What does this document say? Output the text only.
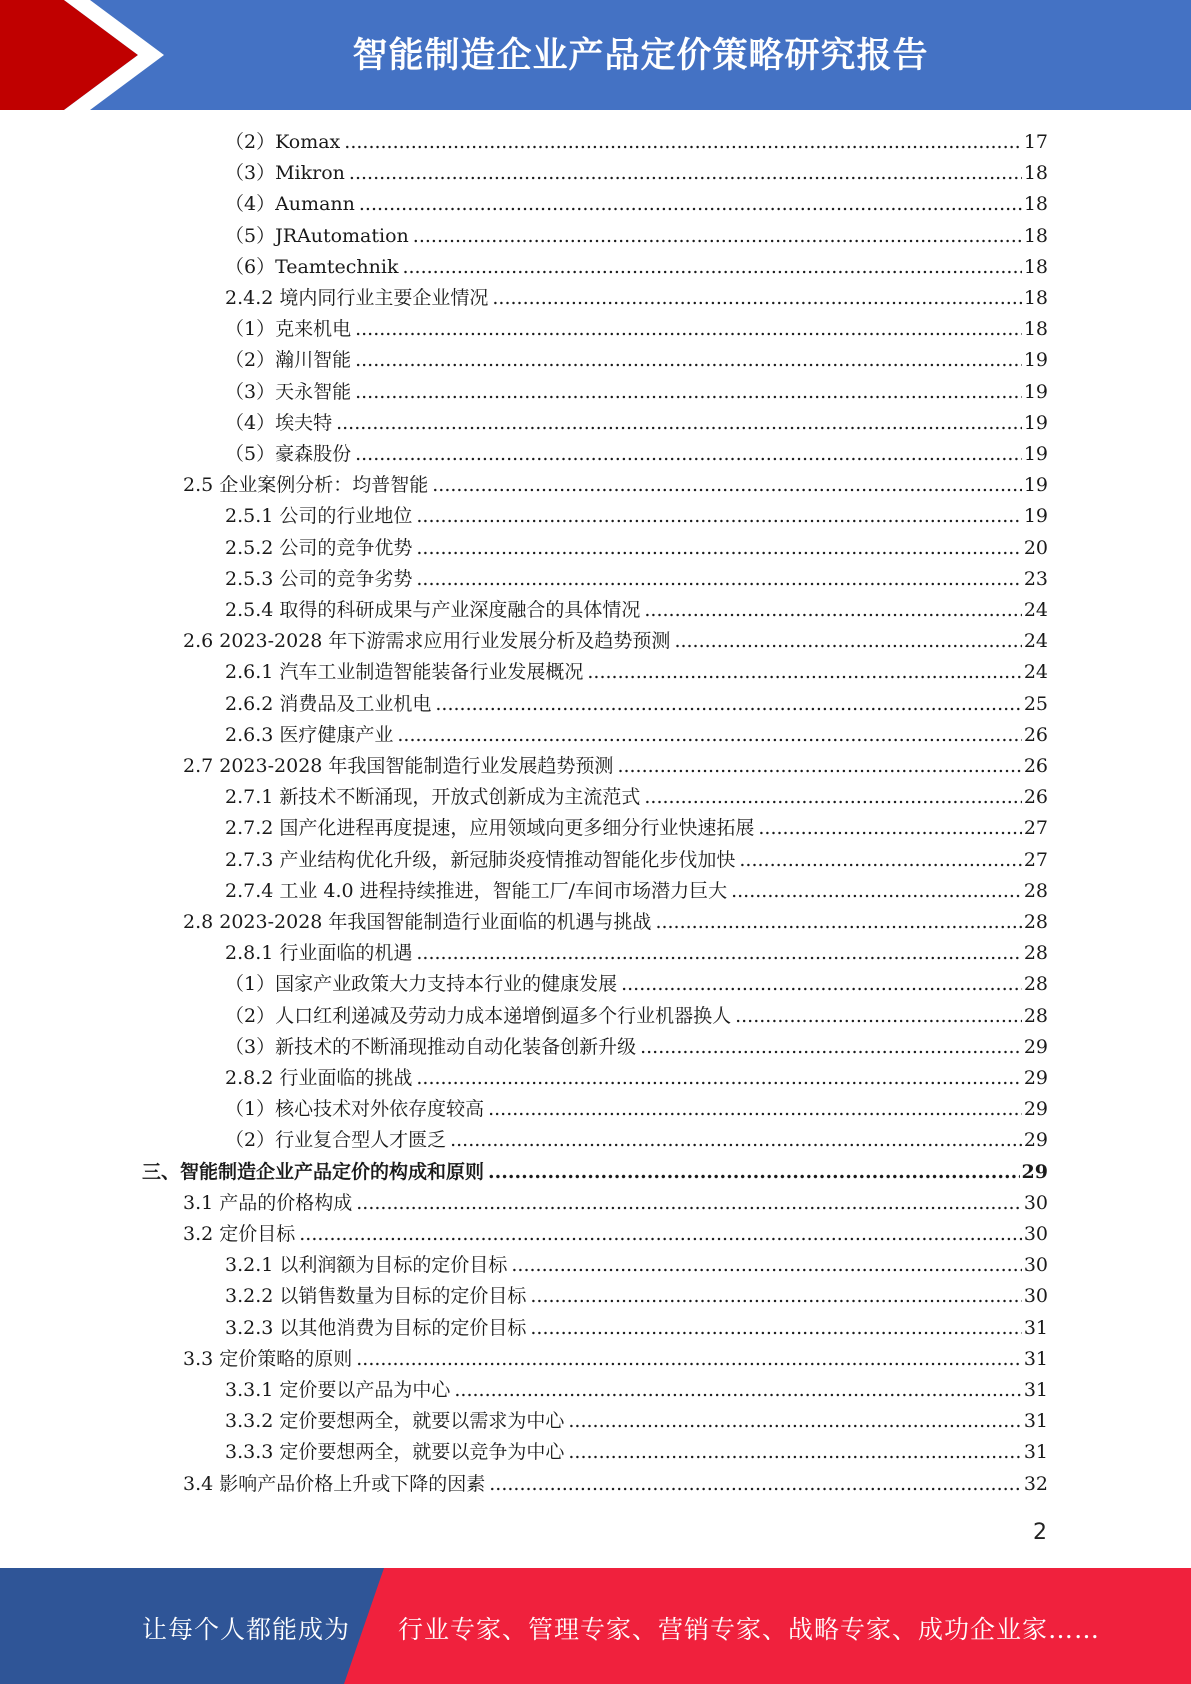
智能制造企业产品定价策略研究报告
（2）Komax .....	17
（3）Mikron .....	18
（4）Aumann .....	18
（5）JRAutomation .....	18
（6）Teamtechnik .....	18
2.4.2 境内同行业主要企业情况 .....	18
（1）克来机电 .....	18
（2）瀚川智能 .....	19
（3）天永智能 .....	19
（4）埃夫特 .....	19
（5）豪森股份 .....	19
2.5 企业案例分析：均普智能 .....	19
2.5.1 公司的行业地位 .....	19
2.5.2 公司的竞争优势 .....	20
2.5.3 公司的竞争劣势 .....	23
2.5.4 取得的科研成果与产业深度融合的具体情况 .....	24
2.6 2023-2028 年下游需求应用行业发展分析及趋势预测 .....	24
2.6.1 汽车工业制造智能装备行业发展概况 .....	24
2.6.2 消费品及工业机电 .....	25
2.6.3 医疗健康产业 .....	26
2.7 2023-2028 年我国智能制造行业发展趋势预测 .....	26
2.7.1 新技术不断涌现，开放式创新成为主流范式 .....	26
2.7.2 国产化进程再度提速，应用领域向更多细分行业快速拓展 .....	27
2.7.3 产业结构优化升级，新冠肺炎疫情推动智能化步伐加快 .....	27
2.7.4 工业 4.0 进程持续推进，智能工厂/车间市场潜力巨大 .....	28
2.8 2023-2028 年我国智能制造行业面临的机遇与挑战 .....	28
2.8.1 行业面临的机遇 .....	28
（1）国家产业政策大力支持本行业的健康发展 .....	28
（2）人口红利递减及劳动力成本递增倒逼多个行业机器换人 .....	28
（3）新技术的不断涌现推动自动化装备创新升级 .....	29
2.8.2 行业面临的挑战 .....	29
（1）核心技术对外依存度较高 .....	29
（2）行业复合型人才匮乏 .....	29
三、智能制造企业产品定价的构成和原则 .....	29
3.1 产品的价格构成 .....	30
3.2 定价目标 .....	30
3.2.1 以利润额为目标的定价目标 .....	30
3.2.2 以销售数量为目标的定价目标 .....	30
3.2.3 以其他消费为目标的定价目标 .....	31
3.3 定价策略的原则 .....	31
3.3.1 定价要以产品为中心 .....	31
3.3.2 定价要想两全，就要以需求为中心 .....	31
3.3.3 定价要想两全，就要以竞争为中心 .....	31
3.4 影响产品价格上升或下降的因素 .....	32
2
让每个人都能成为 行业专家、管理专家、营销专家、战略专家、成功企业家……
